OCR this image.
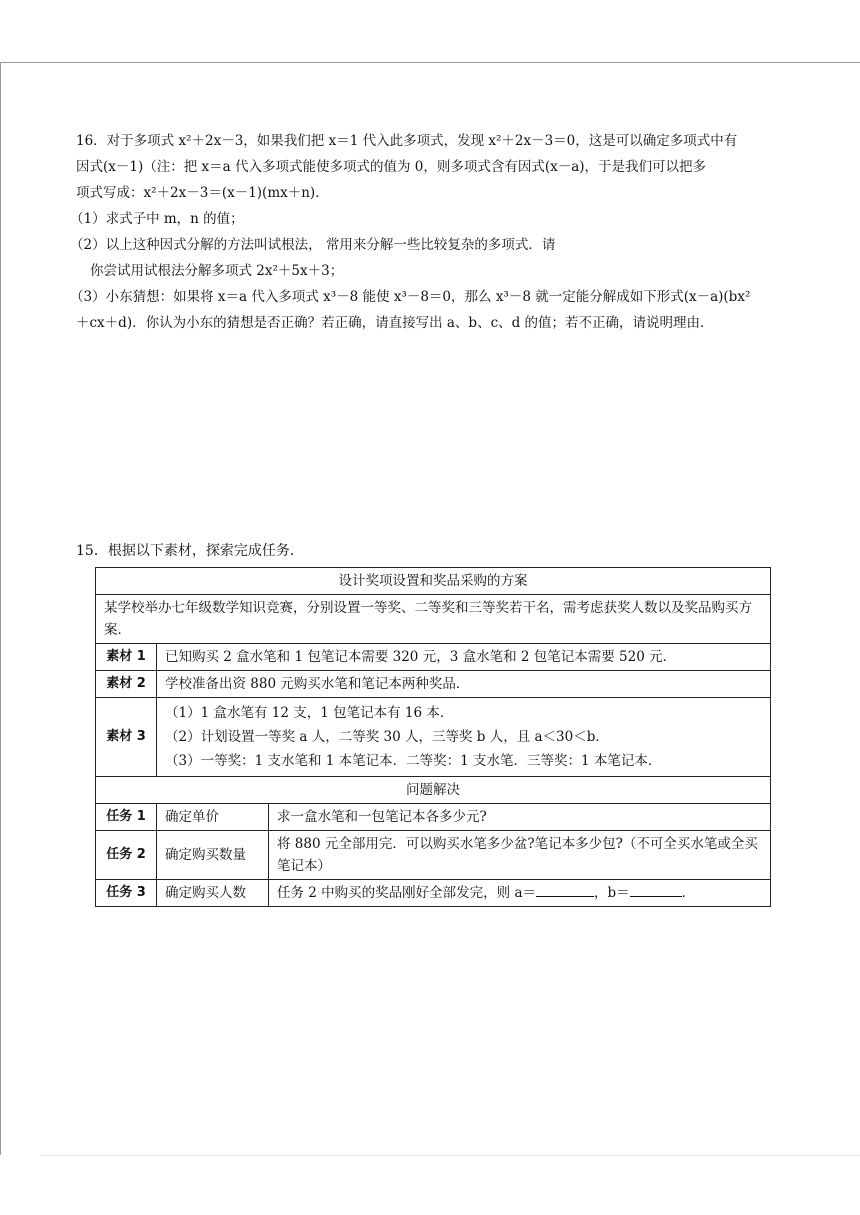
16．对于多项式 x²＋2x－3，如果我们把 x＝1 代入此多项式，发现 x²＋2x－3＝0，这是可以确定多项式中有
因式(x－1)（注：把 x＝a 代入多项式能使多项式的值为 0，则多项式含有因式(x－a)，于是我们可以把多
项式写成：x²＋2x－3＝(x－1)(mx＋n)．
（1）求式子中 m，n 的值；
（2）以上这种因式分解的方法叫试根法， 常用来分解一些比较复杂的多项式．请
你尝试用试根法分解多项式 2x²＋5x＋3；
（3）小东猜想：如果将 x＝a 代入多项式 x³－8 能使 x³－8＝0，那么 x³－8 就一定能分解成如下形式(x－a)(bx²
＋cx＋d)．你认为小东的猜想是否正确？若正确，请直接写出 a、b、c、d 的值；若不正确，请说明理由．
15．根据以下素材，探索完成任务．
设计奖项设置和奖品采购的方案		
某学校举办七年级数学知识竞赛，分别设置一等奖、二等奖和三等奖若干名，需考虑获奖人数以及奖品购买方案．		
素材 1	已知购买 2 盒水笔和 1 包笔记本需要 320 元，3 盒水笔和 2 包笔记本需要 520 元．	
素材 2	学校准备出资 880 元购买水笔和笔记本两种奖品．	
素材 3	（1）1 盒水笔有 12 支，1 包笔记本有 16 本．
（2）计划设置一等奖 a 人，二等奖 30 人，三等奖 b 人，且 a＜30＜b．
（3）一等奖：1 支水笔和 1 本笔记本．二等奖：1 支水笔．三等奖：1 本笔记本．	

问题解决		
任务 1	确定单价	求一盒水笔和一包笔记本各多少元?
任务 2	确定购买数量	将 880 元全部用完．可以购买水笔多少盆?笔记本多少包?（不可全买水笔或全买笔记本）
任务 3	确定购买人数	任务 2 中购买的奖品刚好全部发完，则 a＝ ，b＝ ．
